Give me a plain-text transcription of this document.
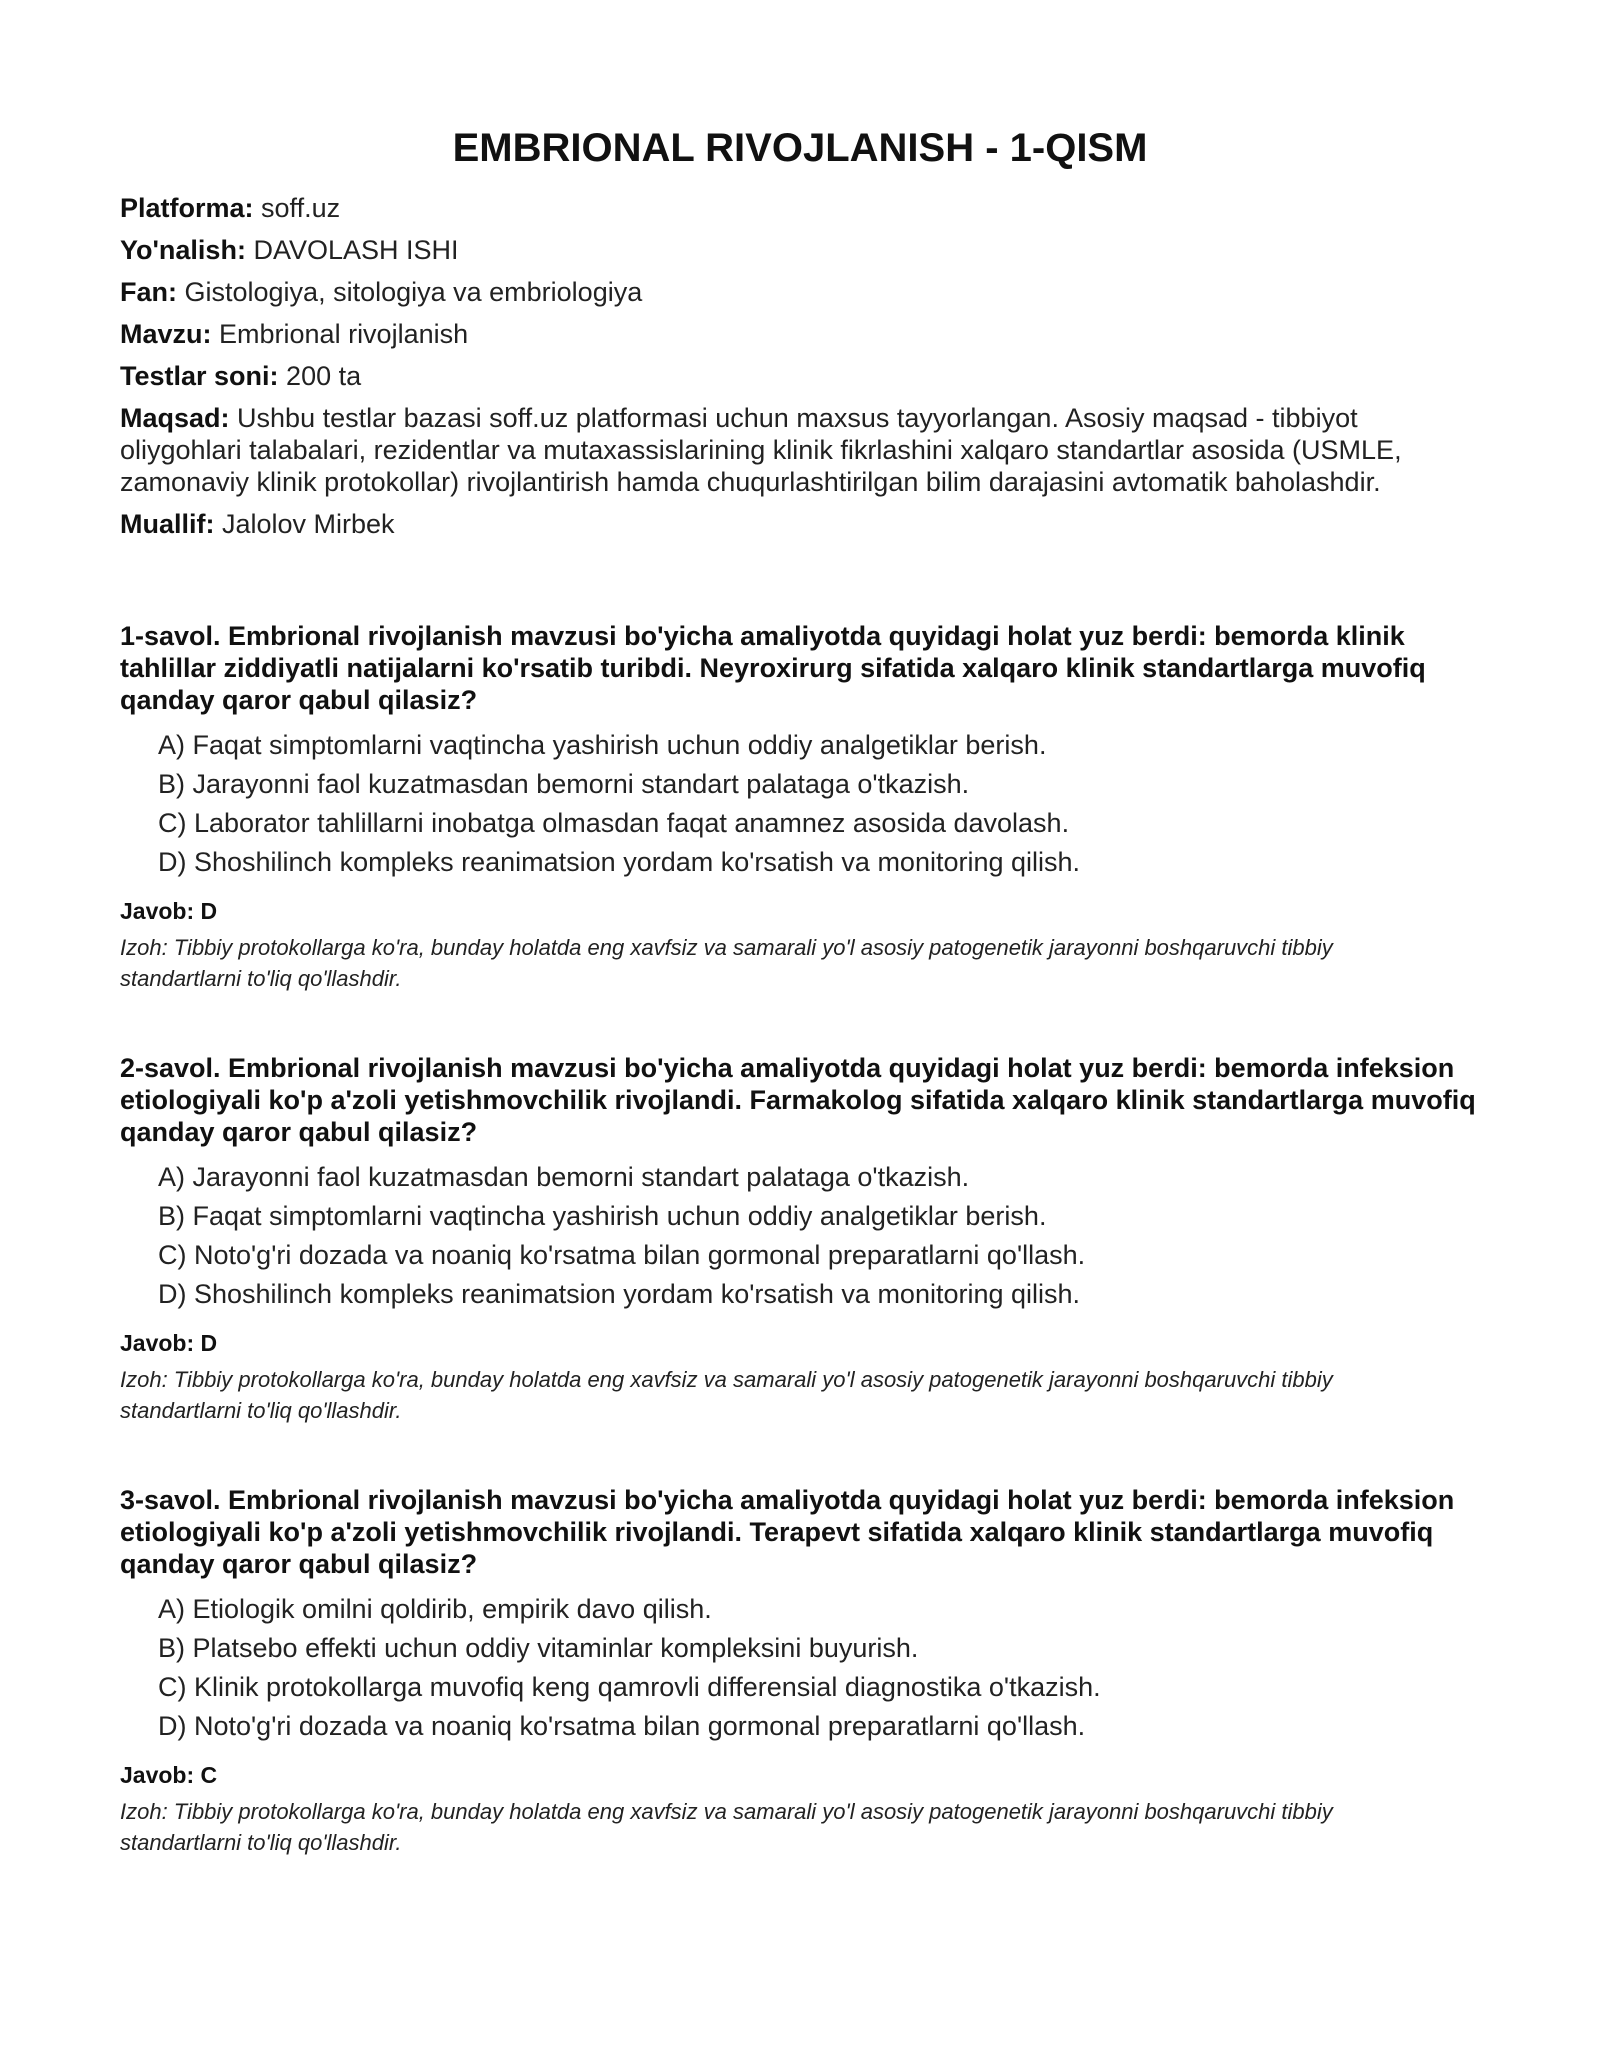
EMBRIONAL RIVOJLANISH - 1-QISM
Platforma: soff.uz
Yo'nalish: DAVOLASH ISHI
Fan: Gistologiya, sitologiya va embriologiya
Mavzu: Embrional rivojlanish
Testlar soni: 200 ta
Maqsad: Ushbu testlar bazasi soff.uz platformasi uchun maxsus tayyorlangan. Asosiy maqsad - tibbiyot oliygohlari talabalari, rezidentlar va mutaxassislarining klinik fikrlashini xalqaro standartlar asosida (USMLE, zamonaviy klinik protokollar) rivojlantirish hamda chuqurlashtirilgan bilim darajasini avtomatik baholashdir.
Muallif: Jalolov Mirbek
1-savol. Embrional rivojlanish mavzusi bo'yicha amaliyotda quyidagi holat yuz berdi: bemorda klinik tahlillar ziddiyatli natijalarni ko'rsatib turibdi. Neyroxirurg sifatida xalqaro klinik standartlarga muvofiq qanday qaror qabul qilasiz?
A) Faqat simptomlarni vaqtincha yashirish uchun oddiy analgetiklar berish.
B) Jarayonni faol kuzatmasdan bemorni standart palataga o'tkazish.
C) Laborator tahlillarni inobatga olmasdan faqat anamnez asosida davolash.
D) Shoshilinch kompleks reanimatsion yordam ko'rsatish va monitoring qilish.
Javob: D
Izoh: Tibbiy protokollarga ko'ra, bunday holatda eng xavfsiz va samarali yo'l asosiy patogenetik jarayonni boshqaruvchi tibbiy standartlarni to'liq qo'llashdir.
2-savol. Embrional rivojlanish mavzusi bo'yicha amaliyotda quyidagi holat yuz berdi: bemorda infeksion etiologiyali ko'p a'zoli yetishmovchilik rivojlandi. Farmakolog sifatida xalqaro klinik standartlarga muvofiq qanday qaror qabul qilasiz?
A) Jarayonni faol kuzatmasdan bemorni standart palataga o'tkazish.
B) Faqat simptomlarni vaqtincha yashirish uchun oddiy analgetiklar berish.
C) Noto'g'ri dozada va noaniq ko'rsatma bilan gormonal preparatlarni qo'llash.
D) Shoshilinch kompleks reanimatsion yordam ko'rsatish va monitoring qilish.
Javob: D
Izoh: Tibbiy protokollarga ko'ra, bunday holatda eng xavfsiz va samarali yo'l asosiy patogenetik jarayonni boshqaruvchi tibbiy standartlarni to'liq qo'llashdir.
3-savol. Embrional rivojlanish mavzusi bo'yicha amaliyotda quyidagi holat yuz berdi: bemorda infeksion etiologiyali ko'p a'zoli yetishmovchilik rivojlandi. Terapevt sifatida xalqaro klinik standartlarga muvofiq qanday qaror qabul qilasiz?
A) Etiologik omilni qoldirib, empirik davo qilish.
B) Platsebo effekti uchun oddiy vitaminlar kompleksini buyurish.
C) Klinik protokollarga muvofiq keng qamrovli differensial diagnostika o'tkazish.
D) Noto'g'ri dozada va noaniq ko'rsatma bilan gormonal preparatlarni qo'llash.
Javob: C
Izoh: Tibbiy protokollarga ko'ra, bunday holatda eng xavfsiz va samarali yo'l asosiy patogenetik jarayonni boshqaruvchi tibbiy standartlarni to'liq qo'llashdir.
